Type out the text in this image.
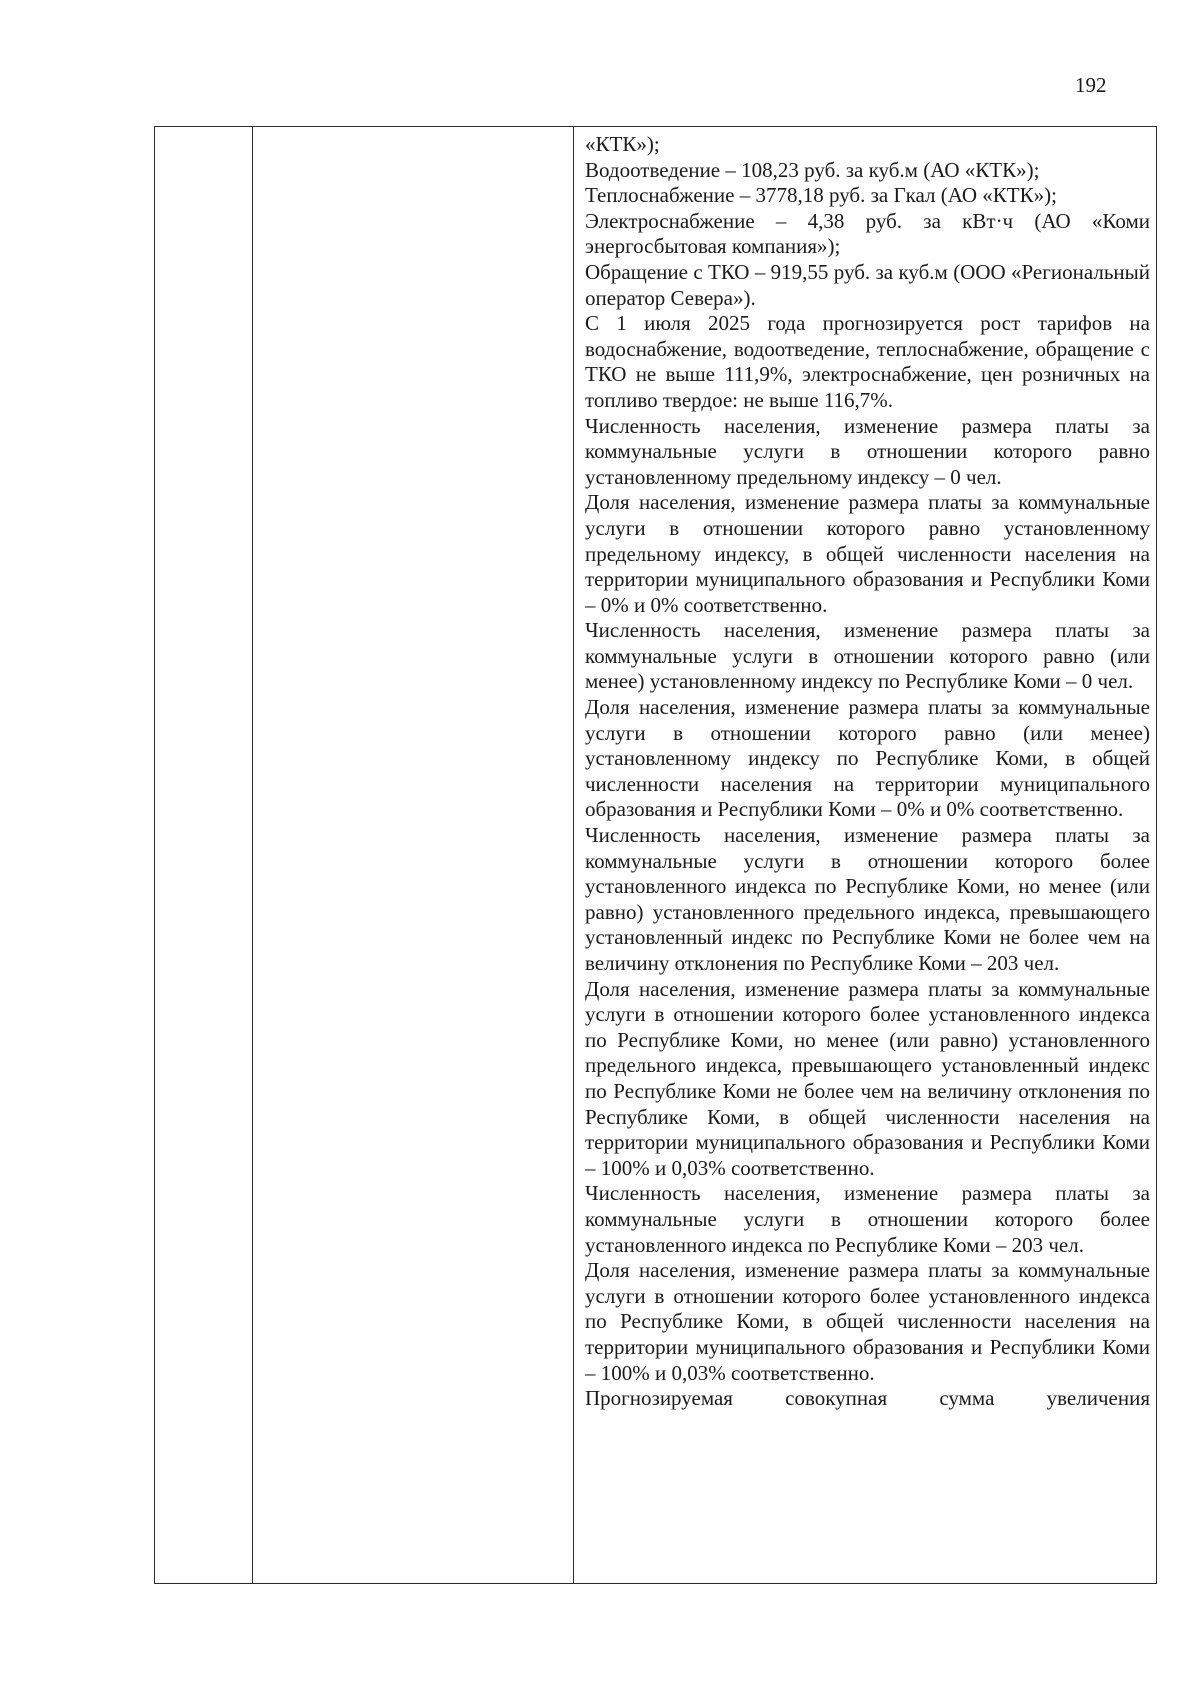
192

«КТК»);

Водоотведение – 108,23 руб. за куб.м (АО «КТК»);

Теплоснабжение – 3778,18 руб. за Гкал (АО «КТК»);

Электроснабжение – 4,38 руб. за кВт·ч (АО «Коми энергосбытовая компания»);

Обращение с ТКО – 919,55 руб. за куб.м (ООО «Региональный оператор Севера»).

С 1 июля 2025 года прогнозируется рост тарифов на водоснабжение, водоотведение, теплоснабжение, обращение с ТКО не выше 111,9%, электроснабжение, цен розничных на топливо твердое: не выше 116,7%.

Численность населения, изменение размера платы за коммунальные услуги в отношении которого равно установленному предельному индексу – 0 чел.

Доля населения, изменение размера платы за коммунальные услуги в отношении которого равно установленному предельному индексу, в общей численности населения на территории муниципального образования и Республики Коми – 0% и 0% соответственно.

Численность населения, изменение размера платы за коммунальные услуги в отношении которого равно (или менее) установленному индексу по Республике Коми – 0 чел.

Доля населения, изменение размера платы за коммунальные услуги в отношении которого равно (или менее) установленному индексу по Республике Коми, в общей численности населения на территории муниципального образования и Республики Коми – 0% и 0% соответственно.

Численность населения, изменение размера платы за коммунальные услуги в отношении которого более установленного индекса по Республике Коми, но менее (или равно) установленного предельного индекса, превышающего установленный индекс по Республике Коми не более чем на величину отклонения по Республике Коми – 203 чел.

Доля населения, изменение размера платы за коммунальные услуги в отношении которого более установленного индекса по Республике Коми, но менее (или равно) установленного предельного индекса, превышающего установленный индекс по Республике Коми не более чем на величину отклонения по Республике Коми, в общей численности населения на территории муниципального образования и Республики Коми – 100% и 0,03% соответственно.

Численность населения, изменение размера платы за коммунальные услуги в отношении которого более установленного индекса по Республике Коми – 203 чел.

Доля населения, изменение размера платы за коммунальные услуги в отношении которого более установленного индекса по Республике Коми, в общей численности населения на территории муниципального образования и Республики Коми – 100% и 0,03% соответственно.

Прогнозируемая совокупная сумма увеличения
